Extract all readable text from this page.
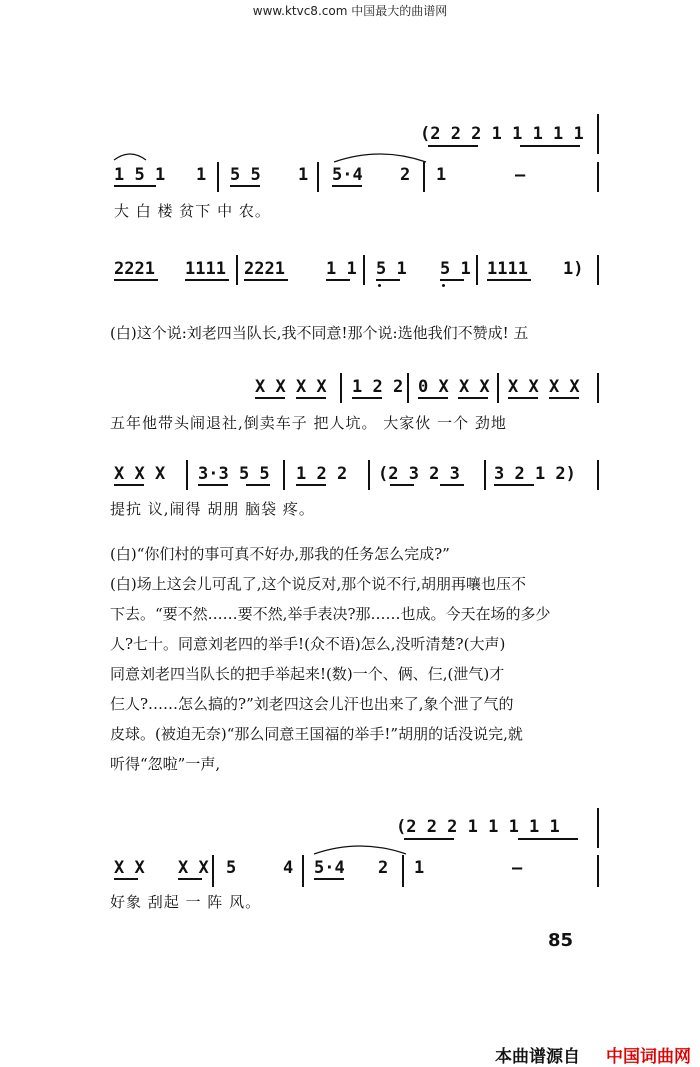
www.ktvc8.com 中国最大的曲谱网
(2 2 2 1 1 1 1 1
1 5 1 1 5 5 1 5·4 2 1	—
大 白 楼 贫下 中 农。
2221 1111 2221 1 1 5 1 5 1 1111 1)
(白)这个说:刘老四当队长,我不同意!那个说:选他我们不赞成! 五
X X X X 1 2 2 0 X X X X X X X
五年他带头闹退社,倒卖车子 把人坑。 大家伙 一个 劲地
X X X 3·3 5 5 1 2 2 (2 3 2 3 3 2 1 2)
提抗 议,闹得 胡朋 脑袋 疼。
(白)“你们村的事可真不好办,那我的任务怎么完成?”
(白)场上这会儿可乱了,这个说反对,那个说不行,胡朋再嚷也压不
下去。“要不然……要不然,举手表决?那……也成。今天在场的多少
人?七十。同意刘老四的举手!(众不语)怎么,没听清楚?(大声)
同意刘老四当队长的把手举起来!(数)一个、俩、仨,(泄气)才
仨人?……怎么搞的?”刘老四这会儿汗也出来了,象个泄了气的
皮球。(被迫无奈)“那么同意王国福的举手!”胡朋的话没说完,就
听得“忽啦”一声,
(2 2 2 1 1 1 1 1
X X X X 5	4 5·4 2 1	—
好象 刮起 一 阵 风。
85
本曲谱源自 中国词曲网
